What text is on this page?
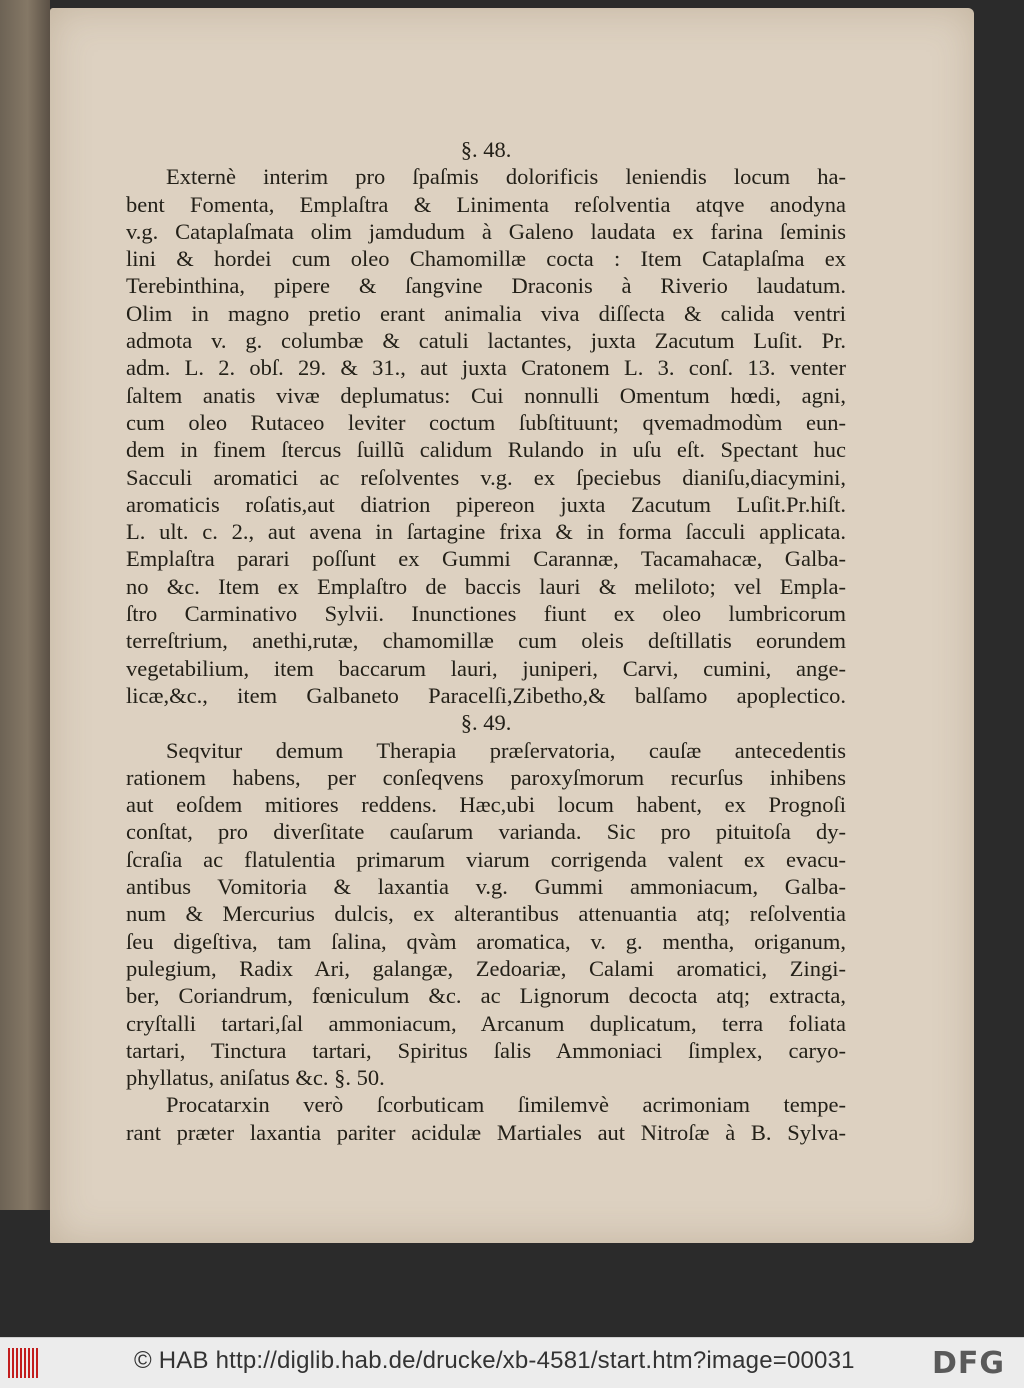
§. 48.
Externè interim pro ſpaſmis dolorificis leniendis locum ha-
bent Fomenta, Emplaſtra & Linimenta reſolventia atqve anodyna
v.g. Cataplaſmata olim jamdudum à Galeno laudata ex farina ſeminis
lini & hordei cum oleo Chamomillæ coctа : Item Cataplaſma ex
Terebinthina, pipere & ſangvine Draconis à Riverio laudatum.
Olim in magno pretio erant animalia viva diſſecta & calida ventri
admota v. g. columbæ & catuli lactantes, juxta Zacutum Luſit. Pr.
adm. L. 2. obſ. 29. & 31., aut juxta Cratonem L. 3. conſ. 13. venter
ſaltem anatis vivæ deplumatus: Cui nonnulli Omentum hœdi, agni,
cum oleo Rutaceo leviter coctum ſubſtituunt; qvemadmodùm eun-
dem in finem ſtercus ſuillũ calidum Rulando in uſu eſt. Spectant huc
Sacculi aromatici ac reſolventes v.g. ex ſpeciebus dianiſu,diacymini,
aromaticis roſatis,aut diatrion pipereon juxta Zacutum Luſit.Pr.hiſt.
L. ult. c. 2., aut avena in ſartagine frixa & in forma ſacculi applicata.
Emplaſtra parari poſſunt ex Gummi Carannæ, Tacamahacæ, Galba-
no &c. Item ex Emplaſtro de baccis lauri & meliloto; vel Empla-
ſtro Carminativo Sylvii. Inunctiones fiunt ex oleo lumbricorum
terreſtrium, anethi,rutæ, chamomillæ cum oleis deſtillatis eorundem
vegetabilium, item baccarum lauri, juniperi, Carvi, cumini, ange-
licæ,&c., item Galbaneto Paracelſi,Zibetho,& balſamo apoplectico.
§. 49.
Seqvitur demum Therapia præſervatoria, cauſæ antecedentis
rationem habens, per conſeqvens paroxyſmorum recurſus inhibens
aut eoſdem mitiores reddens. Hæc,ubi locum habent, ex Prognoſi
conſtat, pro diverſitate cauſarum varianda. Sic pro pituitoſa dy-
ſcraſia ac flatulentia primarum viarum corrigenda valent ex evacu-
antibus Vomitoria & laxantia v.g. Gummi ammoniacum, Galba-
num & Mercurius dulcis, ex alterantibus attenuantia atq; reſolventia
ſeu digeſtiva, tam ſalina, qvàm aromatica, v. g. mentha, origanum,
pulegium, Radix Ari, galangæ, Zedoariæ, Calami aromatici, Zingi-
ber, Coriandrum, fœniculum &c. ac Lignorum decocta atq; extracta,
cryſtalli tartari,ſal ammoniacum, Arcanum duplicatum, terra foliata
tartari, Tinctura tartari, Spiritus ſalis Ammoniaci ſimplex, caryo-
phyllatus, aniſatus &c. §. 50.
Procatarxin verò ſcorbuticam ſimilemvè acrimoniam tempe-
rant præter laxantia pariter acidulæ Martiales aut Nitroſæ à B. Sylva-
© HAB http://diglib.hab.de/drucke/xb-4581/start.htm?image=00031	DFG
